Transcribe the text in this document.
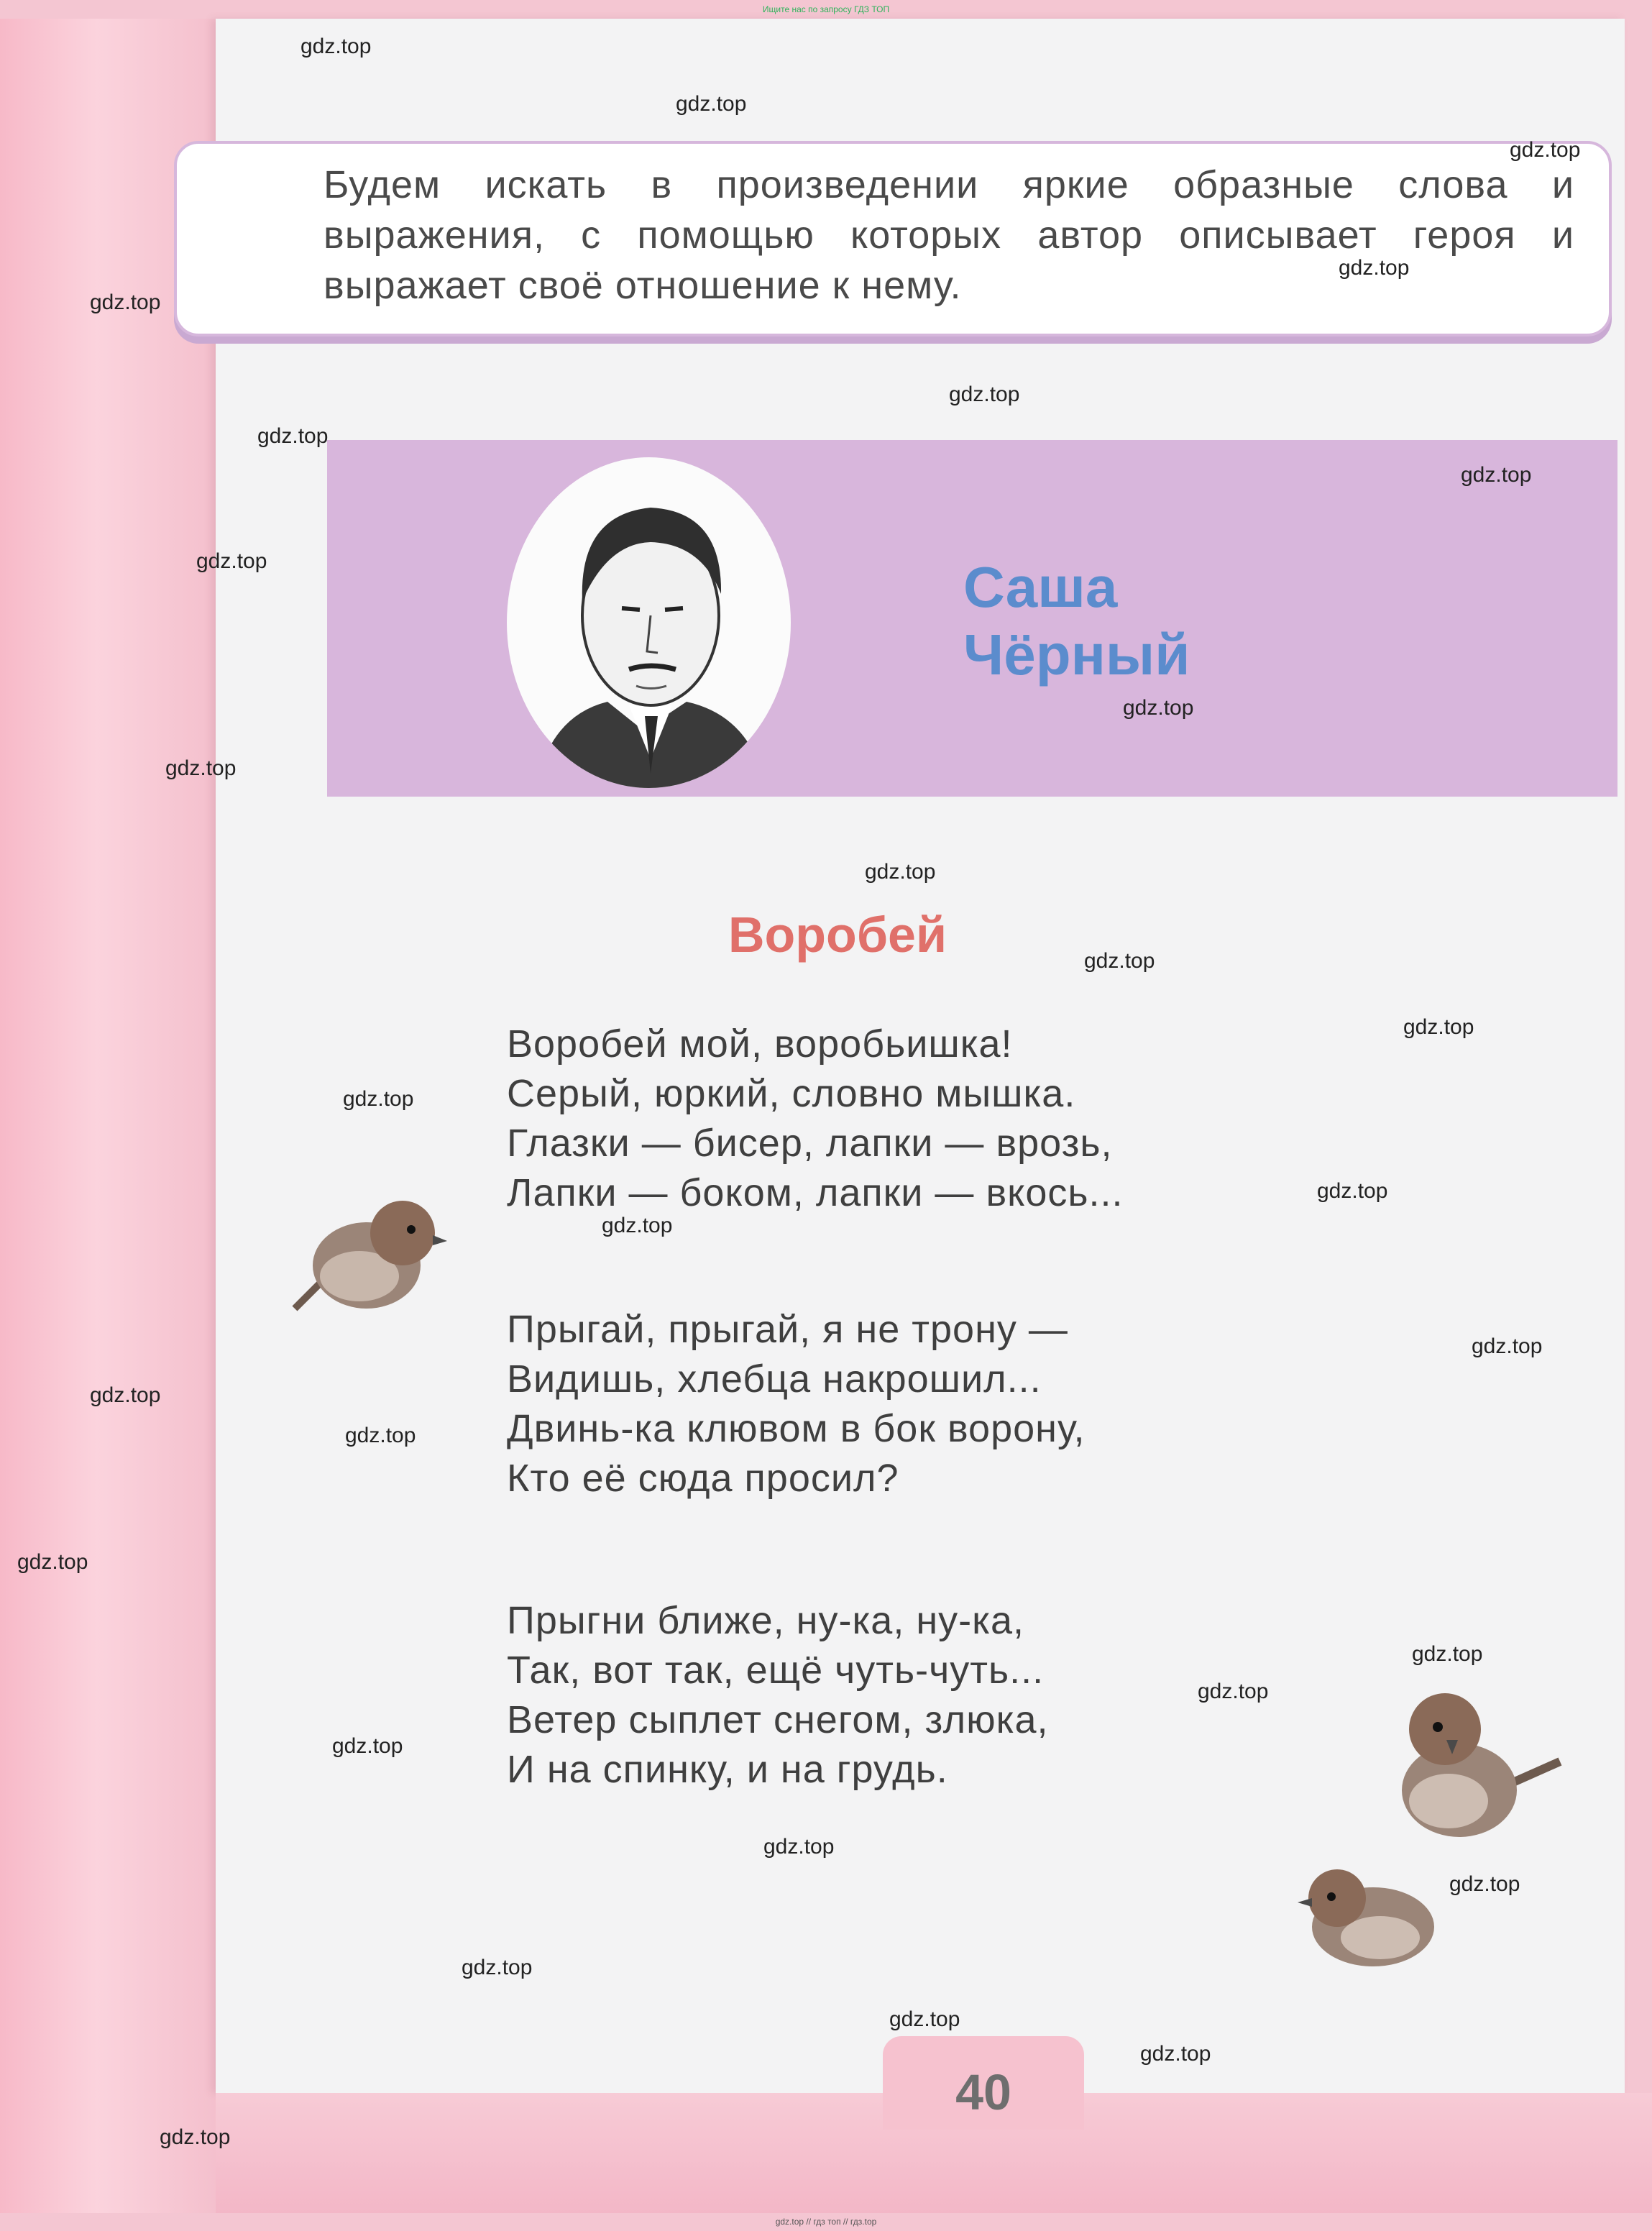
Ищите нас по запросу ГДЗ ТОП
Будем искать в произведении яркие образные слова и выражения, с помощью которых автор описывает героя и выражает своё отношение к нему.
Саша
Чёрный
Воробей
Воробей мой, воробьишка!
Серый, юркий, словно мышка.
Глазки — бисер, лапки — врозь,
Лапки — боком, лапки — вкось...
Прыгай, прыгай, я не трону —
Видишь, хлебца накрошил...
Двинь-ка клювом в бок ворону,
Кто её сюда просил?
Прыгни ближе, ну-ка, ну-ка,
Так, вот так, ещё чуть-чуть...
Ветер сыплет снегом, злюка,
И на спинку, и на грудь.
40
gdz.top
gdz.top
gdz.top
gdz.top
gdz.top
gdz.top
gdz.top
gdz.top
gdz.top
gdz.top
gdz.top
gdz.top
gdz.top
gdz.top
gdz.top
gdz.top
gdz.top
gdz.top
gdz.top
gdz.top
gdz.top
gdz.top
gdz.top
gdz.top
gdz.top
gdz.top
gdz.top
gdz.top
gdz.top
gdz.top
gdz.top // гдз топ // гдз.top
